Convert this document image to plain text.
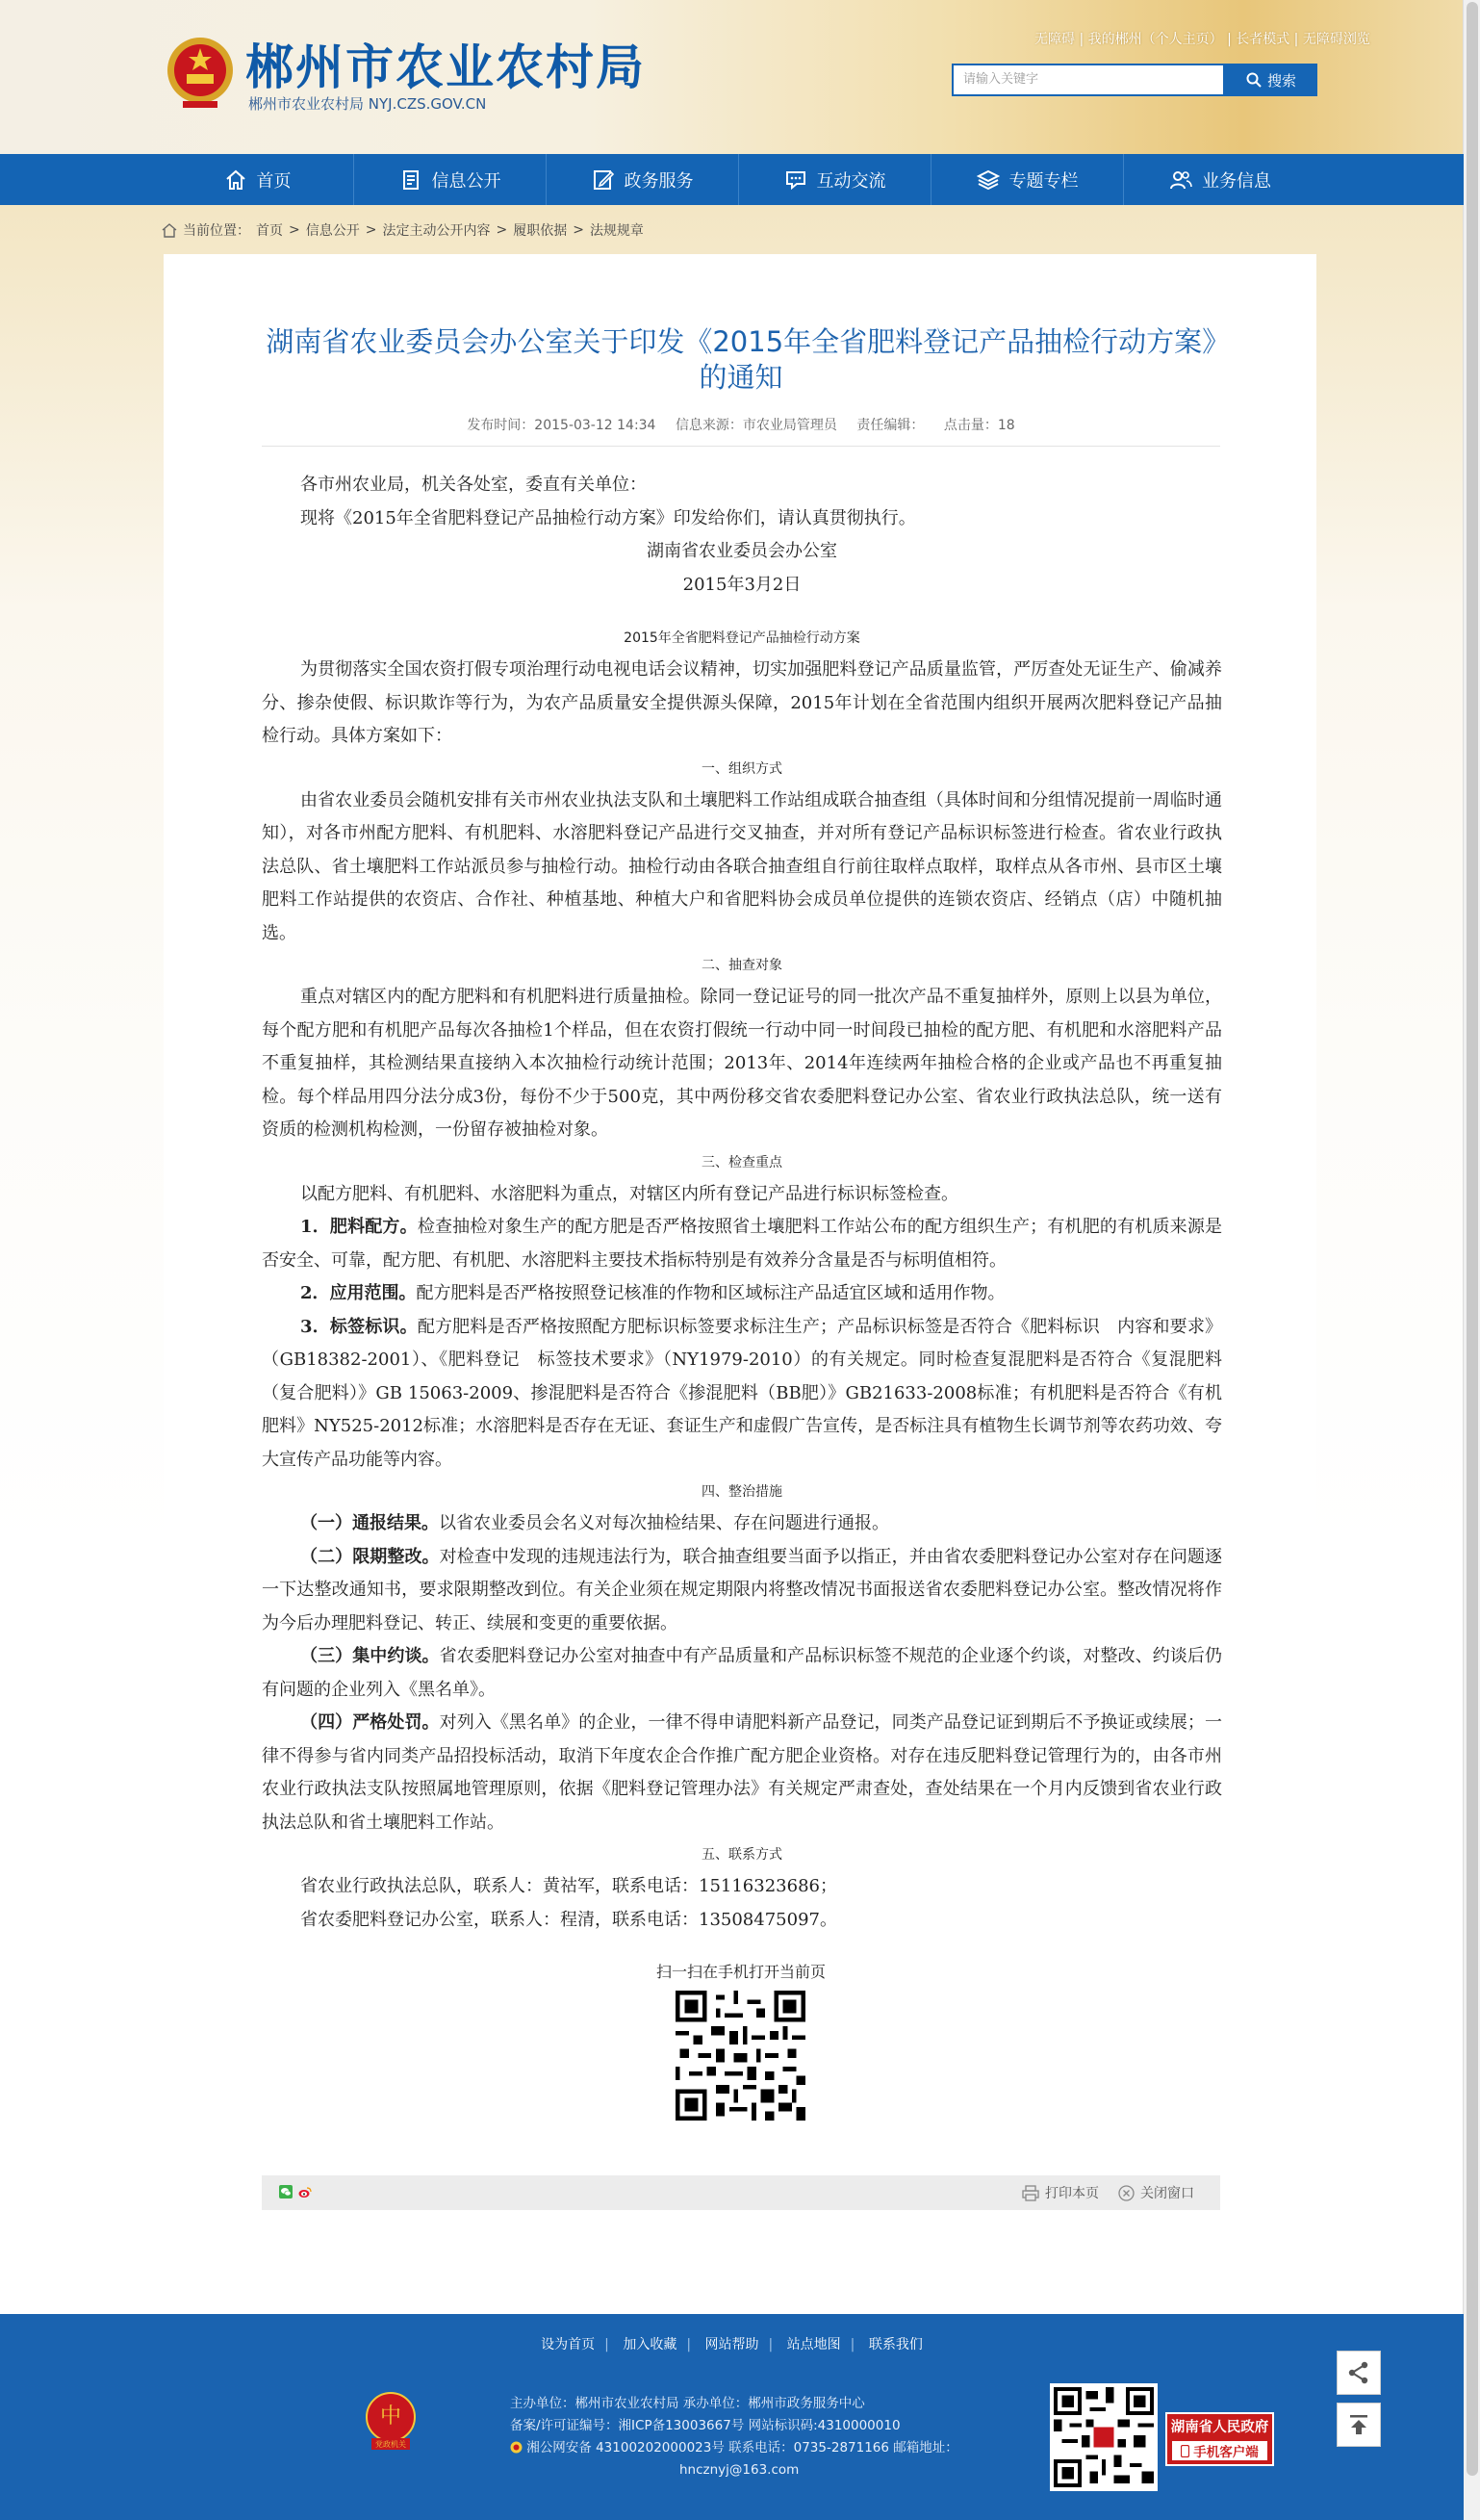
郴州市农业农村局
郴州市农业农村局 NYJ.CZS.GOV.CN
无障碍 | 我的郴州（个人主页） | 长者模式 | 无障碍浏览
请输入关键字	搜索
首页	信息公开	政务服务	互动交流	专题专栏	业务信息
当前位置： 首页 > 信息公开 > 法定主动公开内容 > 履职依据 > 法规规章
湖南省农业委员会办公室关于印发《2015年全省肥料登记产品抽检行动方案》的通知
发布时间：2015-03-12 14:34 信息来源：市农业局管理员 责任编辑： 点击量：18

各市州农业局，机关各处室，委直有关单位：

现将《2015年全省肥料登记产品抽检行动方案》印发给你们，请认真贯彻执行。

湖南省农业委员会办公室

2015年3月2日

2015年全省肥料登记产品抽检行动方案

为贯彻落实全国农资打假专项治理行动电视电话会议精神，切实加强肥料登记产品质量监管，严厉查处无证生产、偷减养分、掺杂使假、标识欺诈等行为，为农产品质量安全提供源头保障，2015年计划在全省范围内组织开展两次肥料登记产品抽检行动。具体方案如下：

一、组织方式

由省农业委员会随机安排有关市州农业执法支队和土壤肥料工作站组成联合抽查组（具体时间和分组情况提前一周临时通知），对各市州配方肥料、有机肥料、水溶肥料登记产品进行交叉抽查，并对所有登记产品标识标签进行检查。省农业行政执法总队、省土壤肥料工作站派员参与抽检行动。抽检行动由各联合抽查组自行前往取样点取样，取样点从各市州、县市区土壤肥料工作站提供的农资店、合作社、种植基地、种植大户和省肥料协会成员单位提供的连锁农资店、经销点（店）中随机抽选。

二、抽查对象

重点对辖区内的配方肥料和有机肥料进行质量抽检。除同一登记证号的同一批次产品不重复抽样外，原则上以县为单位，每个配方肥和有机肥产品每次各抽检1个样品，但在农资打假统一行动中同一时间段已抽检的配方肥、有机肥和水溶肥料产品不重复抽样，其检测结果直接纳入本次抽检行动统计范围；2013年、2014年连续两年抽检合格的企业或产品也不再重复抽检。每个样品用四分法分成3份，每份不少于500克，其中两份移交省农委肥料登记办公室、省农业行政执法总队，统一送有资质的检测机构检测，一份留存被抽检对象。

三、检查重点

以配方肥料、有机肥料、水溶肥料为重点，对辖区内所有登记产品进行标识标签检查。

1．肥料配方。检查抽检对象生产的配方肥是否严格按照省土壤肥料工作站公布的配方组织生产；有机肥的有机质来源是否安全、可靠，配方肥、有机肥、水溶肥料主要技术指标特别是有效养分含量是否与标明值相符。

2．应用范围。配方肥料是否严格按照登记核准的作物和区域标注产品适宜区域和适用作物。

3．标签标识。配方肥料是否严格按照配方肥标识标签要求标注生产；产品标识标签是否符合《肥料标识　内容和要求》（GB18382-2001）、《肥料登记　标签技术要求》（NY1979-2010）的有关规定。同时检查复混肥料是否符合《复混肥料（复合肥料）》GB 15063-2009、掺混肥料是否符合《掺混肥料（BB肥）》GB21633-2008标准；有机肥料是否符合《有机肥料》NY525-2012标准；水溶肥料是否存在无证、套证生产和虚假广告宣传，是否标注具有植物生长调节剂等农药功效、夸大宣传产品功能等内容。

四、整治措施

（一）通报结果。以省农业委员会名义对每次抽检结果、存在问题进行通报。

（二）限期整改。对检查中发现的违规违法行为，联合抽查组要当面予以指正，并由省农委肥料登记办公室对存在问题逐一下达整改通知书，要求限期整改到位。有关企业须在规定期限内将整改情况书面报送省农委肥料登记办公室。整改情况将作为今后办理肥料登记、转正、续展和变更的重要依据。

（三）集中约谈。省农委肥料登记办公室对抽查中有产品质量和产品标识标签不规范的企业逐个约谈，对整改、约谈后仍有问题的企业列入《黑名单》。

（四）严格处罚。对列入《黑名单》的企业，一律不得申请肥料新产品登记，同类产品登记证到期后不予换证或续展；一律不得参与省内同类产品招投标活动，取消下年度农企合作推广配方肥企业资格。对存在违反肥料登记管理行为的，由各市州农业行政执法支队按照属地管理原则，依据《肥料登记管理办法》有关规定严肃查处，查处结果在一个月内反馈到省农业行政执法总队和省土壤肥料工作站。

五、联系方式

省农业行政执法总队，联系人：黄祜军，联系电话：15116323686；

省农委肥料登记办公室，联系人：程清，联系电话：13508475097。

扫一扫在手机打开当前页
打印本页	关闭窗口
设为首页 | 加入收藏 | 网站帮助 | 站点地图 | 联系我们
中
党政机关
主办单位：郴州市农业农村局 承办单位：郴州市政务服务中心
备案/许可证编号：湘ICP备13003667号 网站标识码:4310000010
湘公网安备 43100202000023号 联系电话：0735-2871166 邮箱地址：
hncznyj@163.com
湖南省人民政府
手机客户端
